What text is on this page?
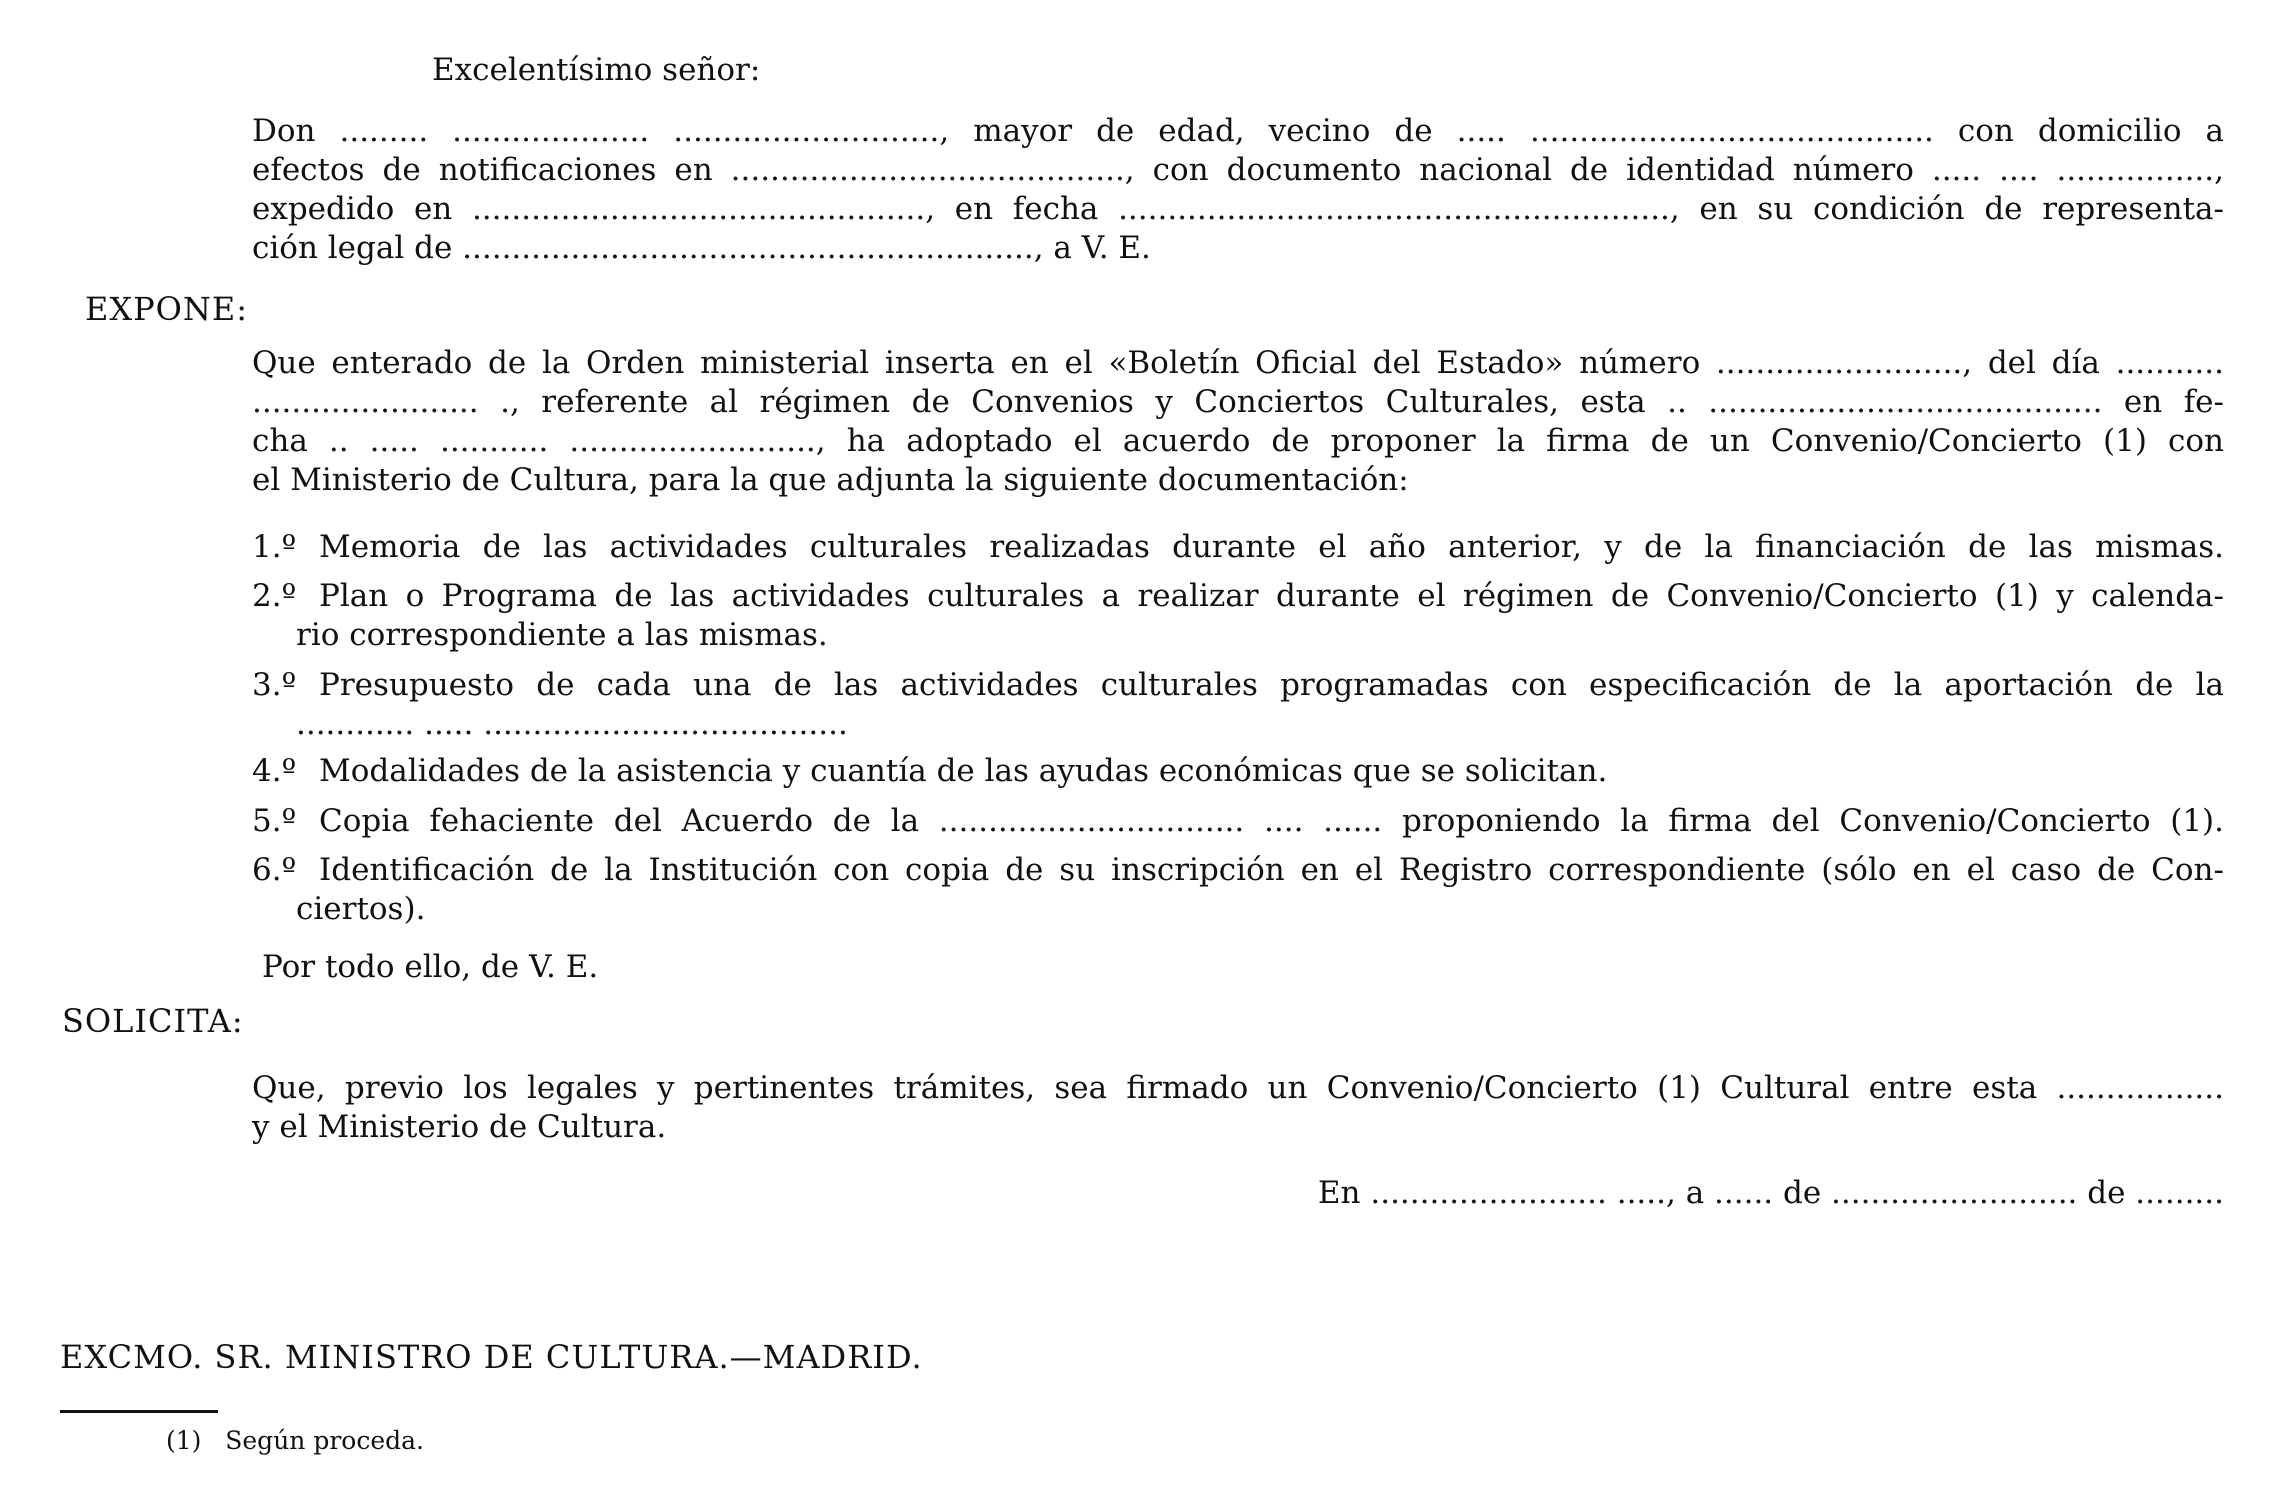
Excelentísimo señor:
Don ......... .................... ..........................., mayor de edad, vecino de ..... ......................................... con domicilio a
efectos de notificaciones en ........................................, con documento nacional de identidad número ..... .... ................,
expedido en .............................................., en fecha ........................................................, en su condición de representa-
ción legal de .........................................................., a V. E.
EXPONE:
Que enterado de la Orden ministerial inserta en el «Boletín Oficial del Estado» número ........................., del día ...........
....................... ., referente al régimen de Convenios y Conciertos Culturales, esta .. ........................................ en fe-
cha .. ..... ........... ........................., ha adoptado el acuerdo de proponer la firma de un Convenio/Concierto (1) con
el Ministerio de Cultura, para la que adjunta la siguiente documentación:
1.º Memoria de las actividades culturales realizadas durante el año anterior, y de la financiación de las mismas.
2.º Plan o Programa de las actividades culturales a realizar durante el régimen de Convenio/Concierto (1) y calenda-
rio correspondiente a las mismas.
3.º Presupuesto de cada una de las actividades culturales programadas con especificación de la aportación de la
............ ..... .....................................
4.º Modalidades de la asistencia y cuantía de las ayudas económicas que se solicitan.
5.º Copia fehaciente del Acuerdo de la ............................... .... ...... proponiendo la firma del Convenio/Concierto (1).
6.º Identificación de la Institución con copia de su inscripción en el Registro correspondiente (sólo en el caso de Con-
ciertos).
Por todo ello, de V. E.
SOLICITA:
Que, previo los legales y pertinentes trámites, sea firmado un Convenio/Concierto (1) Cultural entre esta .................
y el Ministerio de Cultura.
En ........................ ....., a ...... de ......................... de .........
EXCMO. SR. MINISTRO DE CULTURA.—MADRID.
(1) Según proceda.
